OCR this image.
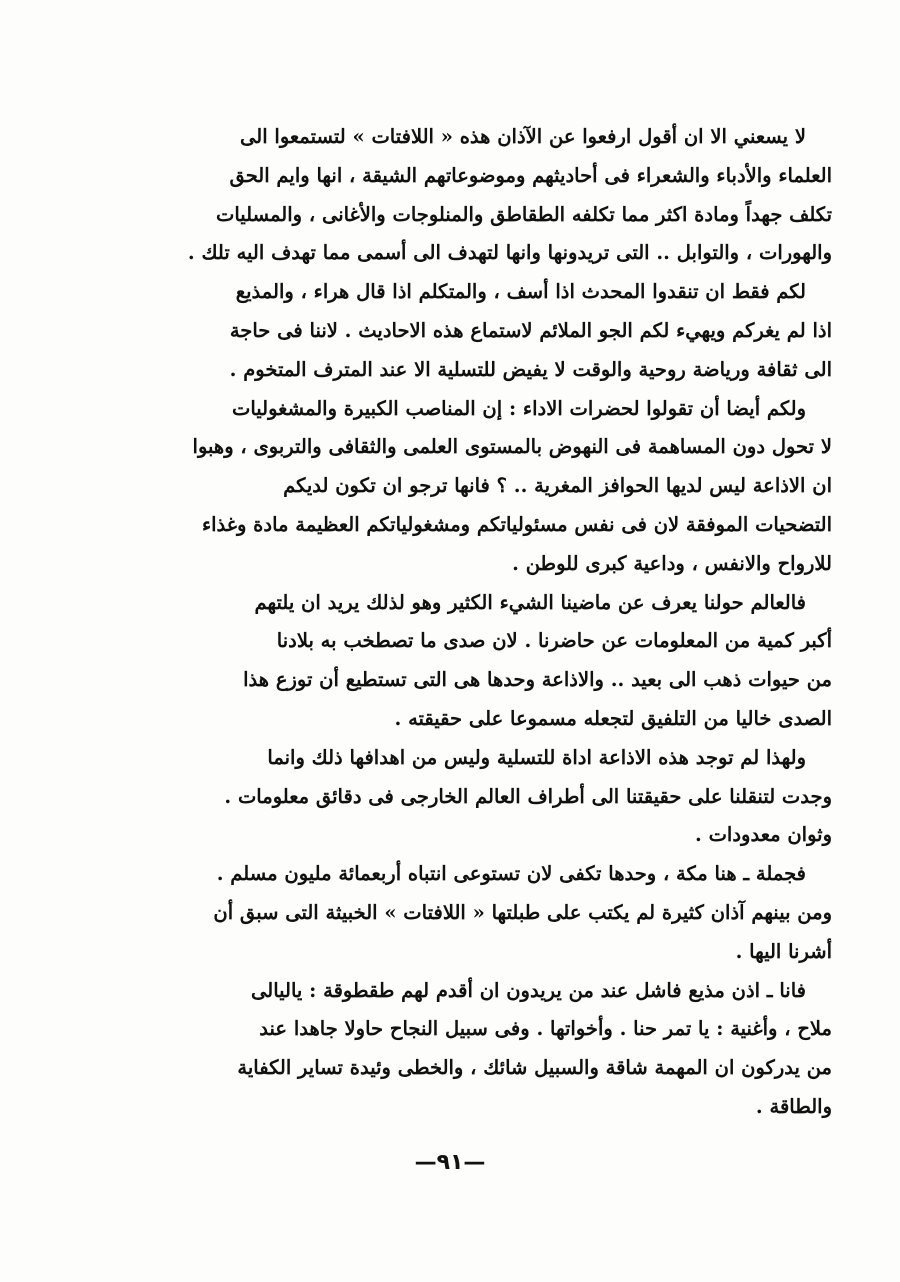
لا يسعني الا ان أقول ارفعوا عن الآذان هذه « اللافتات » لتستمعوا الى
العلماء والأدباء والشعراء فى أحاديثهم وموضوعاتهم الشيقة ، انها وايم الحق
تكلف جهداً ومادة اكثر مما تكلفه الطقاطق والمنلوجات والأغانى ، والمسليات
والهورات ، والتوابل .. التى تريدونها وانها لتهدف الى أسمى مما تهدف اليه تلك .

لكم فقط ان تنقدوا المحدث اذا أسف ، والمتكلم اذا قال هراء ، والمذيع
اذا لم يغركم ويهيء لكم الجو الملائم لاستماع هذه الاحاديث . لاننا فى حاجة
الى ثقافة ورياضة روحية والوقت لا يفيض للتسلية الا عند المترف المتخوم .

ولكم أيضا أن تقولوا لحضرات الاداء : إن المناصب الكبيرة والمشغوليات
لا تحول دون المساهمة فى النهوض بالمستوى العلمى والثقافى والتربوى ، وهبوا
ان الاذاعة ليس لديها الحوافز المغرية .. ؟ فانها ترجو ان تكون لديكم
التضحيات الموفقة لان فى نفس مسئولياتكم ومشغولياتكم العظيمة مادة وغذاء
للارواح والانفس ، وداعية كبرى للوطن .

فالعالم حولنا يعرف عن ماضينا الشيء الكثير وهو لذلك يريد ان يلتهم
أكبر كمية من المعلومات عن حاضرنا . لان صدى ما تصطخب به بلادنا
من حيوات ذهب الى بعيد .. والاذاعة وحدها هى التى تستطيع أن توزع هذا
الصدى خاليا من التلفيق لتجعله مسموعا على حقيقته .

ولهذا لم توجد هذه الاذاعة اداة للتسلية وليس من اهدافها ذلك وانما
وجدت لتنقلنا على حقيقتنا الى أطراف العالم الخارجى فى دقائق معلومات .
وثوان معدودات .

فجملة ـ هنا مكة ، وحدها تكفى لان تستوعى انتباه أربعمائة مليون مسلم .
ومن بينهم آذان كثيرة لم يكتب على طبلتها « اللافتات » الخبيثة التى سبق أن
أشرنا اليها .

فانا ـ اذن مذيع فاشل عند من يريدون ان أقدم لهم طقطوقة : ياليالى
ملاح ، وأغنية : يا تمر حنا . وأخواتها . وفى سبيل النجاح حاولا جاهدا عند
من يدركون ان المهمة شاقة والسبيل شائك ، والخطى وئيدة تساير الكفاية
والطاقة .

—٩١—
